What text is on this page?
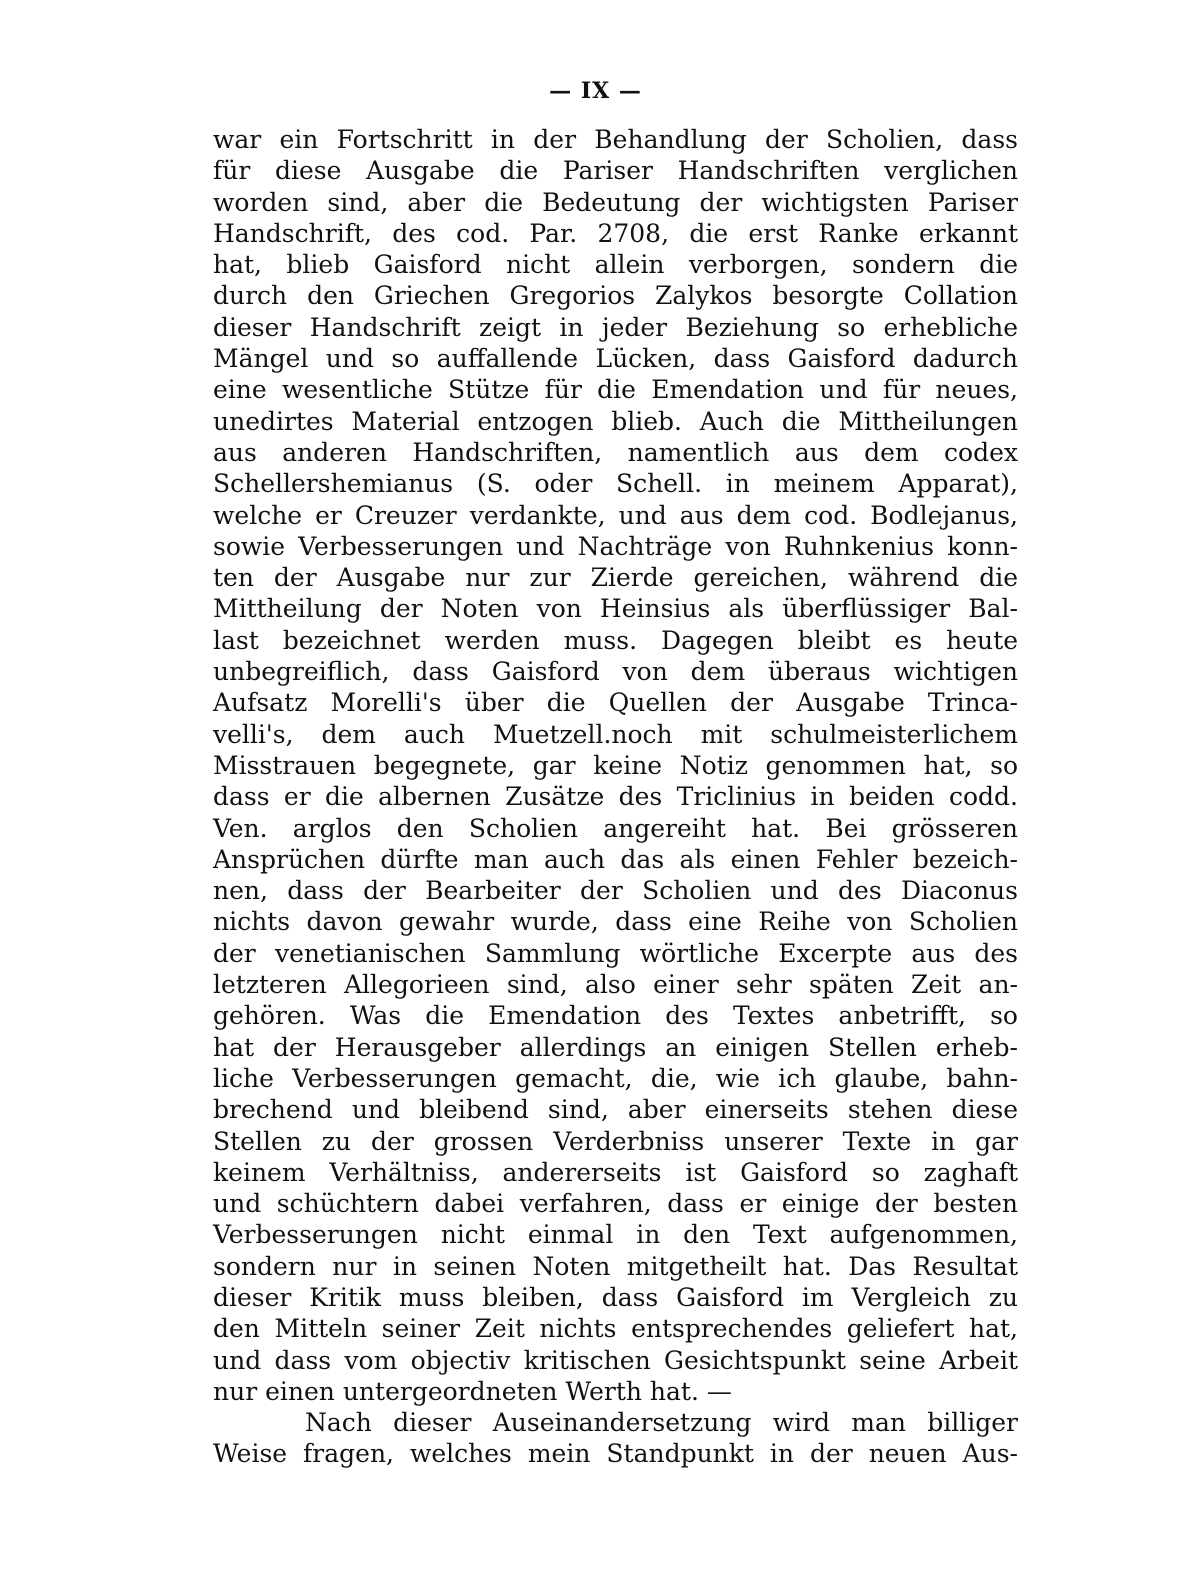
— IX —
war ein Fortschritt in der Behandlung der Scholien, dass
für diese Ausgabe die Pariser Handschriften verglichen
worden sind, aber die Bedeutung der wichtigsten Pariser
Handschrift, des cod. Par. 2708, die erst Ranke erkannt
hat, blieb Gaisford nicht allein verborgen, sondern die
durch den Griechen Gregorios Zalykos besorgte Collation
dieser Handschrift zeigt in jeder Beziehung so erhebliche
Mängel und so auffallende Lücken, dass Gaisford dadurch
eine wesentliche Stütze für die Emendation und für neues,
unedirtes Material entzogen blieb. Auch die Mittheilungen
aus anderen Handschriften, namentlich aus dem codex
Schellershemianus (S. oder Schell. in meinem Apparat),
welche er Creuzer verdankte, und aus dem cod. Bodlejanus,
sowie Verbesserungen und Nachträge von Ruhnkenius konn-
ten der Ausgabe nur zur Zierde gereichen, während die
Mittheilung der Noten von Heinsius als überflüssiger Bal-
last bezeichnet werden muss. Dagegen bleibt es heute
unbegreiflich, dass Gaisford von dem überaus wichtigen
Aufsatz Morelli's über die Quellen der Ausgabe Trinca-
velli's, dem auch Muetzell.noch mit schulmeisterlichem
Misstrauen begegnete, gar keine Notiz genommen hat, so
dass er die albernen Zusätze des Triclinius in beiden codd.
Ven. arglos den Scholien angereiht hat. Bei grösseren
Ansprüchen dürfte man auch das als einen Fehler bezeich-
nen, dass der Bearbeiter der Scholien und des Diaconus
nichts davon gewahr wurde, dass eine Reihe von Scholien
der venetianischen Sammlung wörtliche Excerpte aus des
letzteren Allegorieen sind, also einer sehr späten Zeit an-
gehören. Was die Emendation des Textes anbetrifft, so
hat der Herausgeber allerdings an einigen Stellen erheb-
liche Verbesserungen gemacht, die, wie ich glaube, bahn-
brechend und bleibend sind, aber einerseits stehen diese
Stellen zu der grossen Verderbniss unserer Texte in gar
keinem Verhältniss, andererseits ist Gaisford so zaghaft
und schüchtern dabei verfahren, dass er einige der besten
Verbesserungen nicht einmal in den Text aufgenommen,
sondern nur in seinen Noten mitgetheilt hat. Das Resultat
dieser Kritik muss bleiben, dass Gaisford im Vergleich zu
den Mitteln seiner Zeit nichts entsprechendes geliefert hat,
und dass vom objectiv kritischen Gesichtspunkt seine Arbeit
nur einen untergeordneten Werth hat. —
Nach dieser Auseinandersetzung wird man billiger
Weise fragen, welches mein Standpunkt in der neuen Aus-
